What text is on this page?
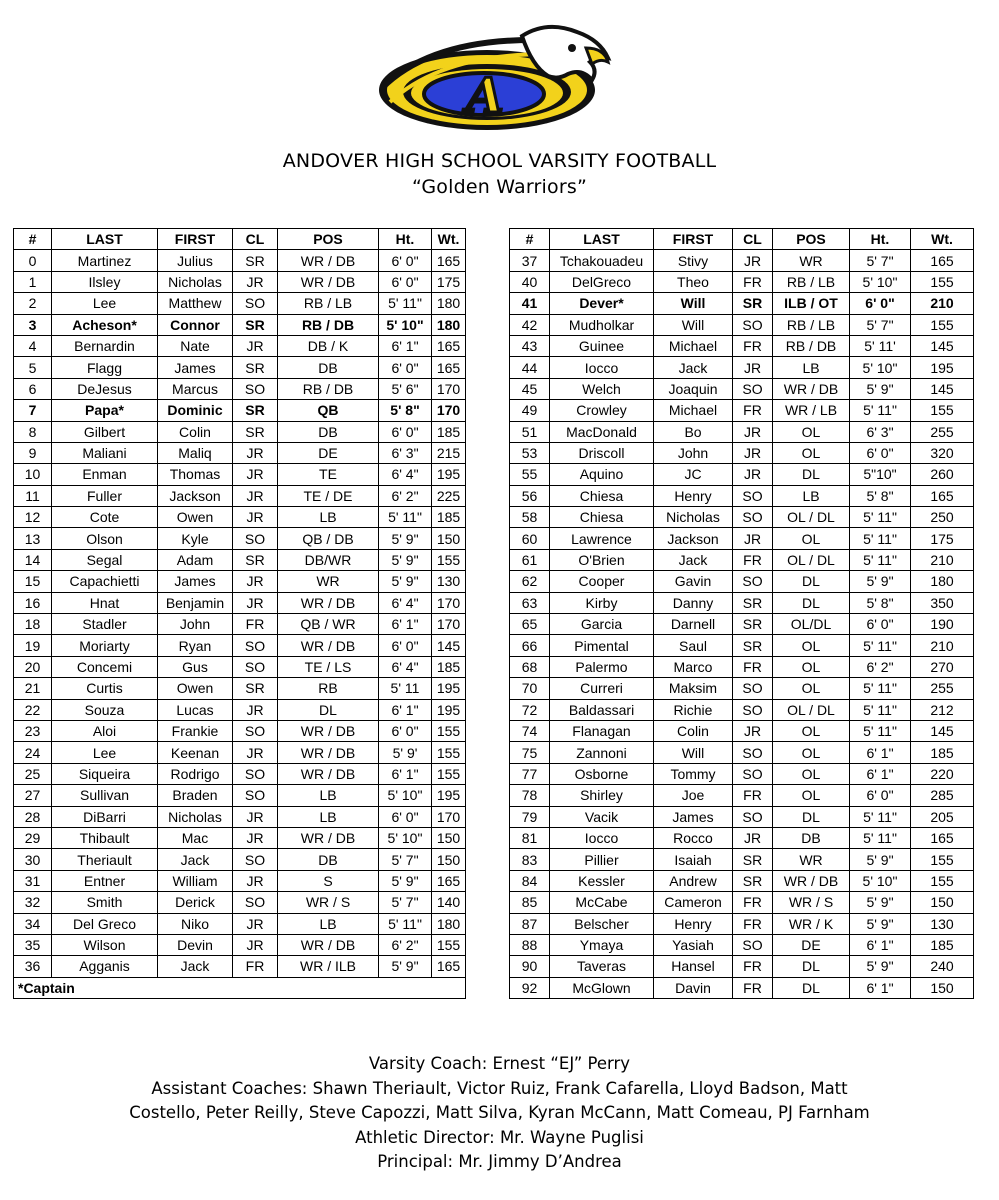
A
ANDOVER HIGH SCHOOL VARSITY FOOTBALL
“Golden Warriors”
#	LAST	FIRST	CL	POS	Ht.	Wt.
0	Martinez	Julius	SR	WR / DB	6' 0"	165
1	Ilsley	Nicholas	JR	WR / DB	6' 0"	175
2	Lee	Matthew	SO	RB / LB	5' 11"	180
3	Acheson*	Connor	SR	RB / DB	5' 10"	180
4	Bernardin	Nate	JR	DB / K	6' 1"	165
5	Flagg	James	SR	DB	6' 0"	165
6	DeJesus	Marcus	SO	RB / DB	5' 6"	170
7	Papa*	Dominic	SR	QB	5' 8"	170
8	Gilbert	Colin	SR	DB	6' 0"	185
9	Maliani	Maliq	JR	DE	6' 3"	215
10	Enman	Thomas	JR	TE	6' 4"	195
11	Fuller	Jackson	JR	TE / DE	6' 2"	225
12	Cote	Owen	JR	LB	5' 11"	185
13	Olson	Kyle	SO	QB / DB	5' 9"	150
14	Segal	Adam	SR	DB/WR	5' 9"	155
15	Capachietti	James	JR	WR	5' 9"	130
16	Hnat	Benjamin	JR	WR / DB	6' 4"	170
18	Stadler	John	FR	QB / WR	6' 1"	170
19	Moriarty	Ryan	SO	WR / DB	6' 0"	145
20	Concemi	Gus	SO	TE / LS	6' 4"	185
21	Curtis	Owen	SR	RB	5' 11	195
22	Souza	Lucas	JR	DL	6' 1"	195
23	Aloi	Frankie	SO	WR / DB	6' 0"	155
24	Lee	Keenan	JR	WR / DB	5' 9'	155
25	Siqueira	Rodrigo	SO	WR / DB	6' 1"	155
27	Sullivan	Braden	SO	LB	5' 10"	195
28	DiBarri	Nicholas	JR	LB	6' 0"	170
29	Thibault	Mac	JR	WR / DB	5' 10"	150
30	Theriault	Jack	SO	DB	5' 7"	150
31	Entner	William	JR	S	5' 9"	165
32	Smith	Derick	SO	WR / S	5' 7"	140
34	Del Greco	Niko	JR	LB	5' 11"	180
35	Wilson	Devin	JR	WR / DB	6' 2"	155
36	Agganis	Jack	FR	WR / ILB	5' 9"	165
*Captain						
#	LAST	FIRST	CL	POS	Ht.	Wt.
37	Tchakouadeu	Stivy	JR	WR	5' 7"	165
40	DelGreco	Theo	FR	RB / LB	5' 10"	155
41	Dever*	Will	SR	ILB / OT	6' 0"	210
42	Mudholkar	Will	SO	RB / LB	5' 7"	155
43	Guinee	Michael	FR	RB / DB	5' 11'	145
44	Iocco	Jack	JR	LB	5' 10"	195
45	Welch	Joaquin	SO	WR / DB	5' 9"	145
49	Crowley	Michael	FR	WR / LB	5' 11"	155
51	MacDonald	Bo	JR	OL	6' 3"	255
53	Driscoll	John	JR	OL	6' 0"	320
55	Aquino	JC	JR	DL	5"10"	260
56	Chiesa	Henry	SO	LB	5' 8"	165
58	Chiesa	Nicholas	SO	OL / DL	5' 11"	250
60	Lawrence	Jackson	JR	OL	5' 11"	175
61	O'Brien	Jack	FR	OL / DL	5' 11"	210
62	Cooper	Gavin	SO	DL	5' 9"	180
63	Kirby	Danny	SR	DL	5' 8"	350
65	Garcia	Darnell	SR	OL/DL	6' 0"	190
66	Pimental	Saul	SR	OL	5' 11"	210
68	Palermo	Marco	FR	OL	6' 2"	270
70	Curreri	Maksim	SO	OL	5' 11"	255
72	Baldassari	Richie	SO	OL / DL	5' 11"	212
74	Flanagan	Colin	JR	OL	5' 11"	145
75	Zannoni	Will	SO	OL	6' 1"	185
77	Osborne	Tommy	SO	OL	6' 1"	220
78	Shirley	Joe	FR	OL	6' 0"	285
79	Vacik	James	SO	DL	5' 11"	205
81	Iocco	Rocco	JR	DB	5' 11"	165
83	Pillier	Isaiah	SR	WR	5' 9"	155
84	Kessler	Andrew	SR	WR / DB	5' 10"	155
85	McCabe	Cameron	FR	WR / S	5' 9"	150
87	Belscher	Henry	FR	WR / K	5' 9"	130
88	Ymaya	Yasiah	SO	DE	6' 1"	185
90	Taveras	Hansel	FR	DL	5' 9"	240
92	McGlown	Davin	FR	DL	6' 1"	150
Varsity Coach: Ernest “EJ” Perry
Assistant Coaches: Shawn Theriault, Victor Ruiz, Frank Cafarella, Lloyd Badson, Matt
Costello, Peter Reilly, Steve Capozzi, Matt Silva, Kyran McCann, Matt Comeau, PJ Farnham
Athletic Director: Mr. Wayne Puglisi
Principal: Mr. Jimmy D’Andrea
